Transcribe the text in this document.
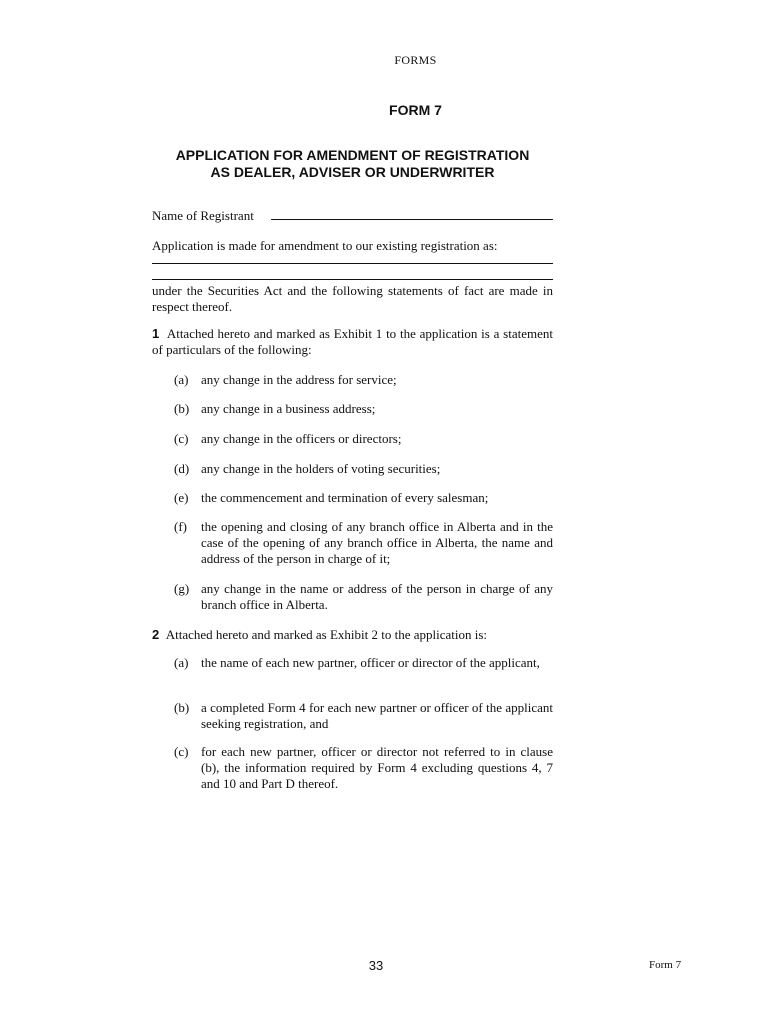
FORMS
FORM 7
APPLICATION FOR AMENDMENT OF REGISTRATION
AS DEALER, ADVISER OR UNDERWRITER
Name of Registrant
Application is made for amendment to our existing registration as:
under the Securities Act and the following statements of fact are made in respect thereof.
1 Attached hereto and marked as Exhibit 1 to the application is a statement of particulars of the following:
(a) any change in the address for service;
(b) any change in a business address;
(c) any change in the officers or directors;
(d) any change in the holders of voting securities;
(e) the commencement and termination of every salesman;
(f) the opening and closing of any branch office in Alberta and in the case of the opening of any branch office in Alberta, the name and address of the person in charge of it;
(g) any change in the name or address of the person in charge of any branch office in Alberta.
2 Attached hereto and marked as Exhibit 2 to the application is:
(a) the name of each new partner, officer or director of the applicant,
(b) a completed Form 4 for each new partner or officer of the applicant seeking registration, and
(c) for each new partner, officer or director not referred to in clause (b), the information required by Form 4 excluding questions 4, 7 and 10 and Part D thereof.
33	Form 7
